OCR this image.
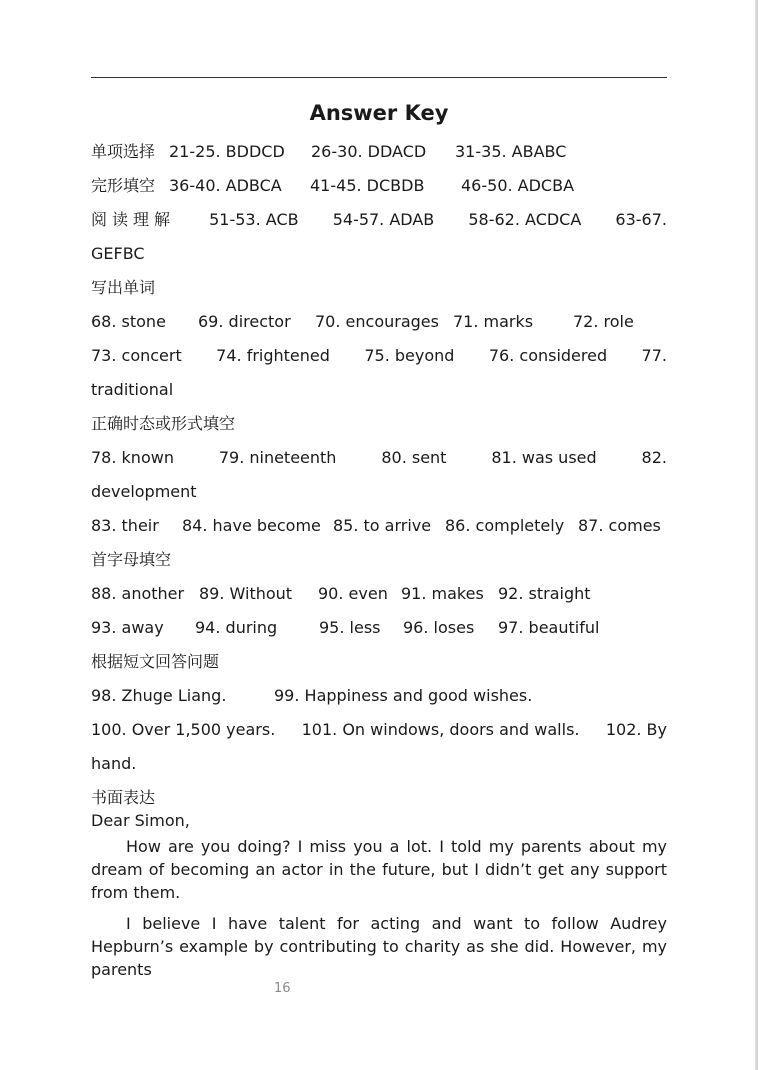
Answer Key
单项选择 21-25. BDDCD 26-30. DDACD 31-35. ABABC
完形填空 36-40. ADBCA 41-45. DCBDB 46-50. ADCBA
阅读理解 51-53. ACB 54-57. ADAB 58-62. ACDCA 63-67.
GEFBC
写出单词
68. stone 69. director 70. encourages 71. marks 72. role
73. concert 74. frightened 75. beyond 76. considered 77.
traditional
正确时态或形式填空
78. known	79. nineteenth	80. sent	81. was used	82.
development
83. their 84. have become 85. to arrive 86. completely 87. comes
首字母填空
88. another 89. Without 90. even 91. makes 92. straight
93. away 94. during	95. less 96. loses 97. beautiful
根据短文回答问题
98. Zhuge Liang.	99. Happiness and good wishes.
100. Over 1,500 years. 101. On windows, doors and walls. 102. By
hand.
书面表达
Dear Simon,
How are you doing? I miss you a lot. I told my parents about my dream of becoming an actor in the future, but I didn’t get any support from them.
I believe I have talent for acting and want to follow Audrey Hepburn’s example by contributing to charity as she did. However, my parents
16
